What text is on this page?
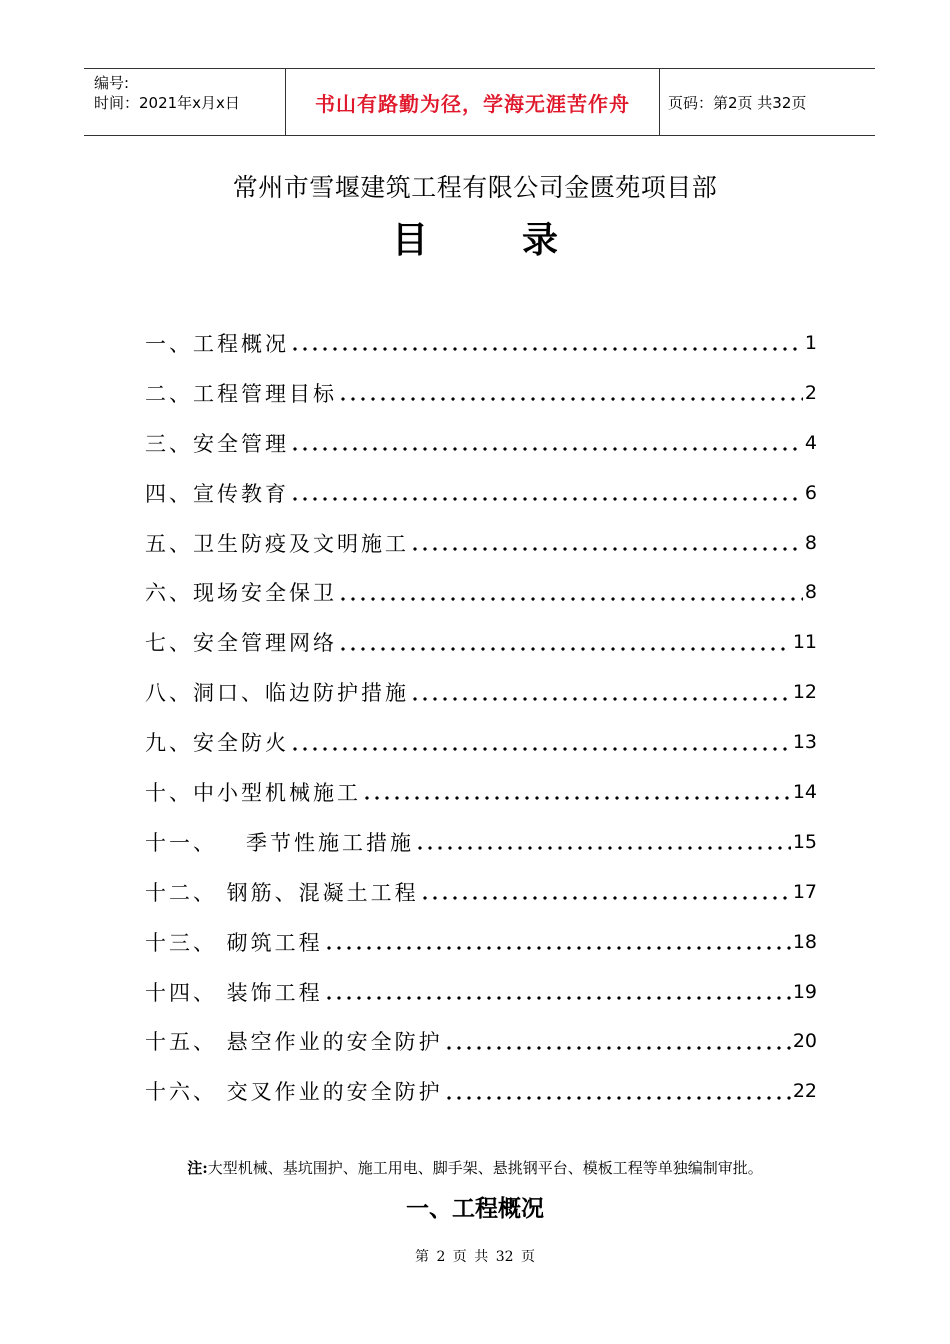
编号:
时间：2021年x月x日	书山有路勤为径，学海无涯苦作舟	页码：第2页 共32页
常州市雪堰建筑工程有限公司金匮苑项目部
目	录
一、工程概况	1
二、工程管理目标	2
三、安全管理	4
四、宣传教育	6
五、卫生防疫及文明施工	8
六、现场安全保卫	8
七、安全管理网络	11
八、洞口、临边防护措施	12
九、安全防火	13
十、中小型机械施工	14
十一、   季节性施工措施	15
十二、 钢筋、混凝土工程	17
十三、 砌筑工程	18
十四、 装饰工程	19
十五、 悬空作业的安全防护	20
十六、 交叉作业的安全防护	22
注:大型机械、基坑围护、施工用电、脚手架、悬挑钢平台、模板工程等单独编制审批。
一、工程概况
第 2 页 共 32 页
